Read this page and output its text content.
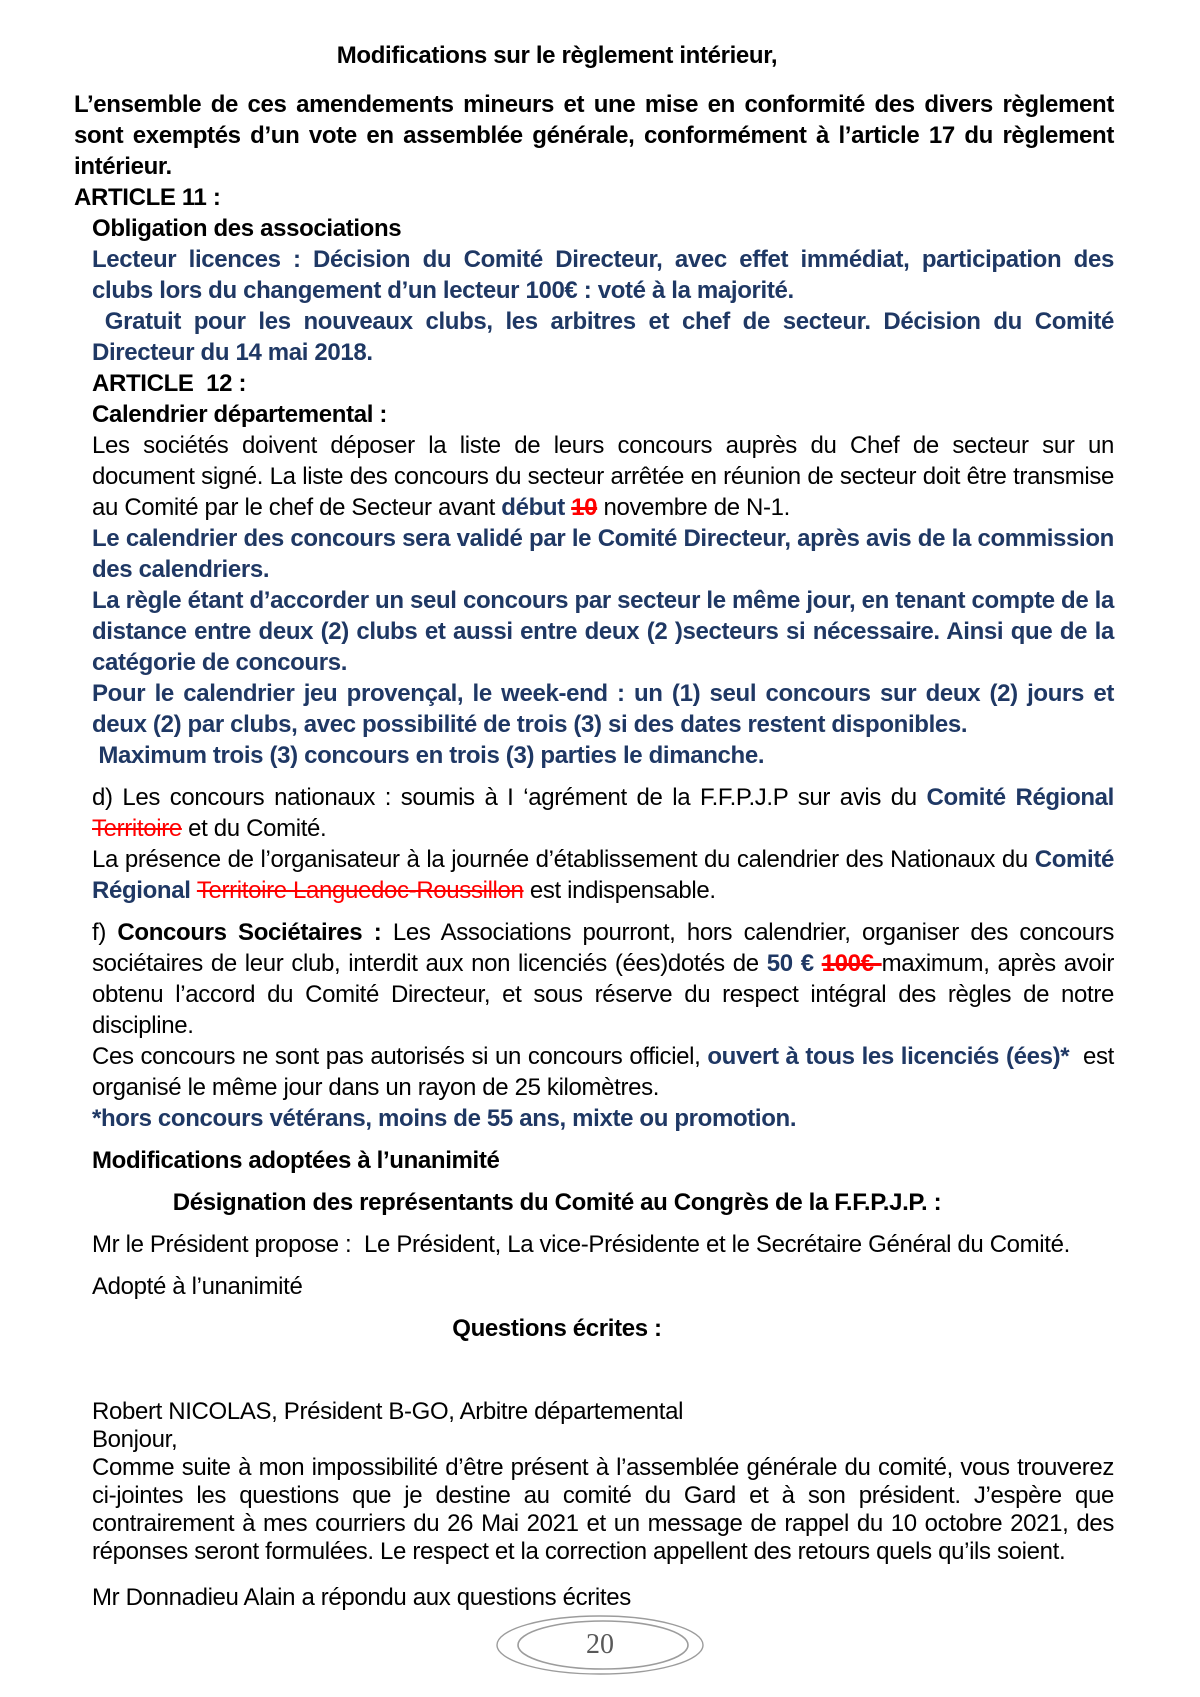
Modifications sur le règlement intérieur,

L’ensemble de ces amendements mineurs et une mise en conformité des divers règlement sont exemptés d’un vote en assemblée générale, conformément à l’article 17 du règlement intérieur.

ARTICLE 11 :

Obligation des associations

Lecteur licences : Décision du Comité Directeur, avec effet immédiat, participation des  clubs lors du changement d’un lecteur 100€ : voté à la majorité.

Gratuit pour les nouveaux clubs, les arbitres et chef de secteur. Décision du Comité Directeur du 14 mai 2018.

ARTICLE  12 :

Calendrier départemental :

Les sociétés doivent déposer la liste de leurs concours auprès du Chef de secteur sur un document signé. La liste des concours du secteur arrêtée en réunion de secteur doit être transmise au Comité par le chef de Secteur avant début 10 novembre de N-1.

Le calendrier des concours sera validé par le Comité Directeur, après avis de la commission des calendriers.

La règle étant d’accorder un seul concours par secteur le même jour, en tenant compte de la distance entre deux (2) clubs et aussi entre deux (2 )secteurs si nécessaire. Ainsi que de la catégorie de concours.

Pour le calendrier jeu provençal, le week-end : un (1) seul concours sur deux (2) jours et deux (2) par clubs, avec possibilité de trois (3) si des dates restent disponibles.

Maximum trois (3) concours en trois (3) parties le dimanche.

d) Les concours nationaux : soumis à I ‘agrément de la F.F.P.J.P sur avis du Comité Régional Territoire et du Comité.

La présence de l’organisateur à la journée d’établissement du calendrier des Nationaux du Comité Régional Territoire Languedoc-Roussillon est indispensable.

f) Concours Sociétaires : Les Associations pourront, hors calendrier, organiser des concours sociétaires de leur club, interdit aux non licenciés (ées)dotés de 50 € 100€ maximum, après avoir obtenu l’accord du Comité Directeur, et sous réserve du respect intégral des règles de notre discipline.

Ces concours ne sont pas autorisés si un concours officiel, ouvert à tous les licenciés (ées)*  est organisé le même jour dans un rayon de 25 kilomètres.

*hors concours vétérans, moins de 55 ans, mixte ou promotion.

Modifications adoptées à l’unanimité

Désignation des représentants du Comité au Congrès de la F.F.P.J.P. :

Mr le Président propose :  Le Président, La vice-Présidente et le Secrétaire Général du Comité.

Adopté à l’unanimité

Questions écrites :

Robert NICOLAS, Président B-GO, Arbitre départemental

Bonjour,

Comme suite à mon impossibilité d’être présent à l’assemblée générale du comité, vous trouverez ci-jointes les questions que je destine au comité du Gard et à son président. J’espère que contrairement à mes courriers du 26 Mai 2021 et un message de rappel du 10 octobre 2021, des réponses seront formulées. Le respect et la correction appellent des retours quels qu’ils soient.

Mr Donnadieu Alain a répondu aux questions écrites

20
